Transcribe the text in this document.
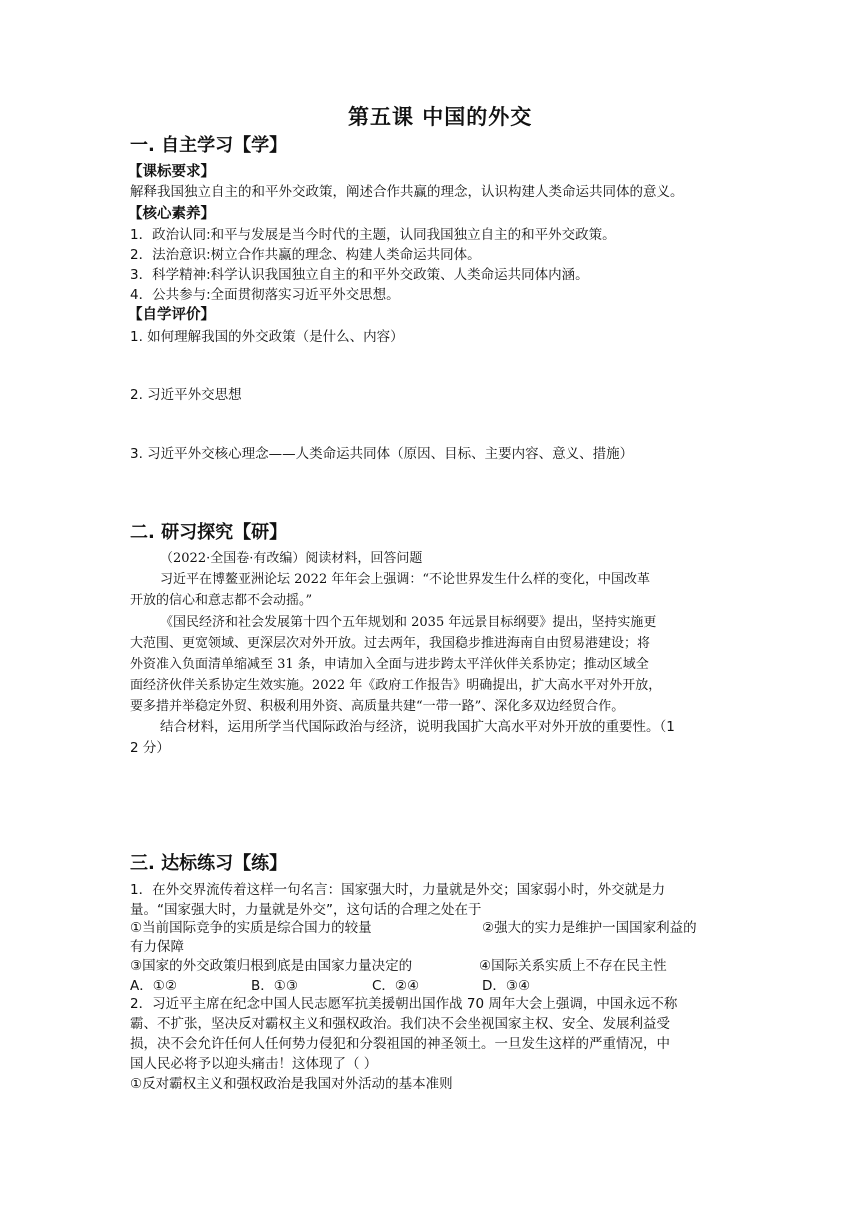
第五课 中国的外交
一. 自主学习【学】
【课标要求】
解释我国独立自主的和平外交政策，阐述合作共赢的理念，认识构建人类命运共同体的意义。
【核心素养】
1．政治认同:和平与发展是当今时代的主题，认同我国独立自主的和平外交政策。
2．法治意识:树立合作共赢的理念、构建人类命运共同体。
3．科学精神:科学认识我国独立自主的和平外交政策、人类命运共同体内涵。
4．公共参与:全面贯彻落实习近平外交思想。
【自学评价】
1. 如何理解我国的外交政策（是什么、内容）
2. 习近平外交思想
3. 习近平外交核心理念——人类命运共同体（原因、目标、主要内容、意义、措施）
二. 研习探究【研】
（2022·全国卷·有改编）阅读材料，回答问题
习近平在博鳌亚洲论坛 2022 年年会上强调：“不论世界发生什么样的变化，中国改革
开放的信心和意志都不会动摇。”
《国民经济和社会发展第十四个五年规划和 2035 年远景目标纲要》提出，坚持实施更
大范围、更宽领域、更深层次对外开放。过去两年，我国稳步推进海南自由贸易港建设；将
外资准入负面清单缩减至 31 条，申请加入全面与进步跨太平洋伙伴关系协定；推动区域全
面经济伙伴关系协定生效实施。2022 年《政府工作报告》明确提出，扩大高水平对外开放，
要多措并举稳定外贸、积极利用外资、高质量共建“一带一路”、深化多双边经贸合作。
结合材料，运用所学当代国际政治与经济，说明我国扩大高水平对外开放的重要性。（1
2 分）
三. 达标练习【练】
1．在外交界流传着这样一句名言：国家强大时，力量就是外交；国家弱小时，外交就是力
量。“国家强大时，力量就是外交”，这句话的合理之处在于
①当前国际竞争的实质是综合国力的较量	②强大的实力是维护一国国家利益的
有力保障
③国家的外交政策归根到底是由国家力量决定的	④国际关系实质上不存在民主性
A．①②	B．①③	C．②④	D．③④
2．习近平主席在纪念中国人民志愿军抗美援朝出国作战 70 周年大会上强调，中国永远不称
霸、不扩张，坚决反对霸权主义和强权政治。我们决不会坐视国家主权、安全、发展利益受
损，决不会允许任何人任何势力侵犯和分裂祖国的神圣领土。一旦发生这样的严重情况，中
国人民必将予以迎头痛击！这体现了（ ）
①反对霸权主义和强权政治是我国对外活动的基本准则
